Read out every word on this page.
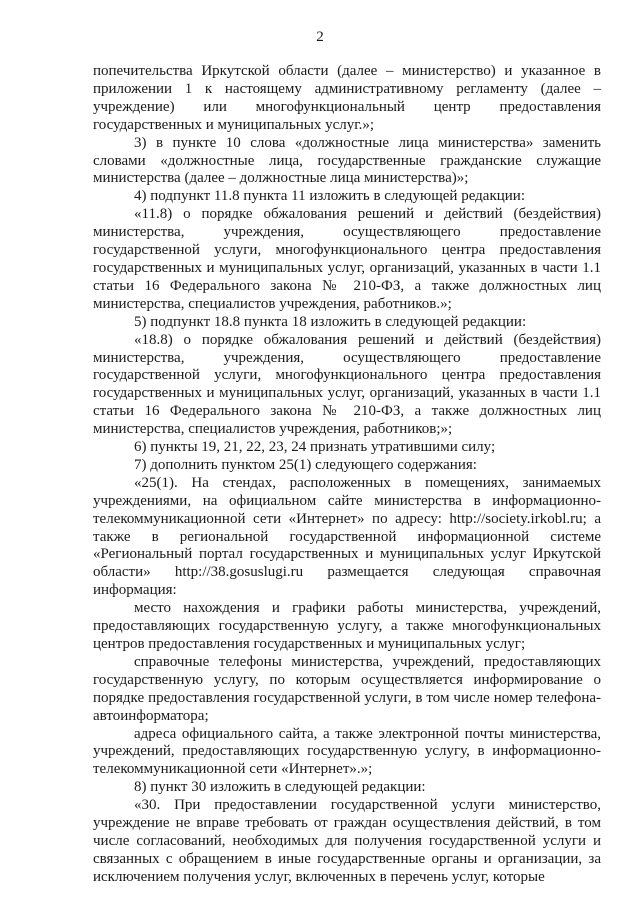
2

попечительства Иркутской области (далее – министерство) и указанное в приложении 1 к настоящему административному регламенту (далее – учреждение) или многофункциональный центр предоставления государственных и муниципальных услуг.»;

3) в пункте 10 слова «должностные лица министерства» заменить словами «должностные лица, государственные гражданские служащие министерства (далее – должностные лица министерства)»;

4) подпункт 11.8 пункта 11 изложить в следующей редакции:

«11.8) о порядке обжалования решений и действий (бездействия) министерства, учреждения, осуществляющего предоставление государственной услуги, многофункционального центра предоставления государственных и муниципальных услуг, организаций, указанных в части 1.1 статьи 16 Федерального закона № 210-ФЗ, а также должностных лиц министерства, специалистов учреждения, работников.»;

5) подпункт 18.8 пункта 18 изложить в следующей редакции:

«18.8) о порядке обжалования решений и действий (бездействия) министерства, учреждения, осуществляющего предоставление государственной услуги, многофункционального центра предоставления государственных и муниципальных услуг, организаций, указанных в части 1.1 статьи 16 Федерального закона № 210-ФЗ, а также должностных лиц министерства, специалистов учреждения, работников;»;

6) пункты 19, 21, 22, 23, 24 признать утратившими силу;

7) дополнить пунктом 25(1) следующего содержания:

«25(1). На стендах, расположенных в помещениях, занимаемых учреждениями, на официальном сайте министерства в информационно-телекоммуникационной сети «Интернет» по адресу: http://society.irkobl.ru; а также в региональной государственной информационной системе «Региональный портал государственных и муниципальных услуг Иркутской области» http://38.gosuslugi.ru размещается следующая справочная информация:

место нахождения и графики работы министерства, учреждений, предоставляющих государственную услугу, а также многофункциональных центров предоставления государственных и муниципальных услуг;

справочные телефоны министерства, учреждений, предоставляющих государственную услугу, по которым осуществляется информирование о порядке предоставления государственной услуги, в том числе номер телефона-автоинформатора;

адреса официального сайта, а также электронной почты министерства, учреждений, предоставляющих государственную услугу, в информационно-телекоммуникационной сети «Интернет».»;

8) пункт 30 изложить в следующей редакции:

«30. При предоставлении государственной услуги министерство, учреждение не вправе требовать от граждан осуществления действий, в том числе согласований, необходимых для получения государственной услуги и связанных с обращением в иные государственные органы и организации, за исключением получения услуг, включенных в перечень услуг, которые
